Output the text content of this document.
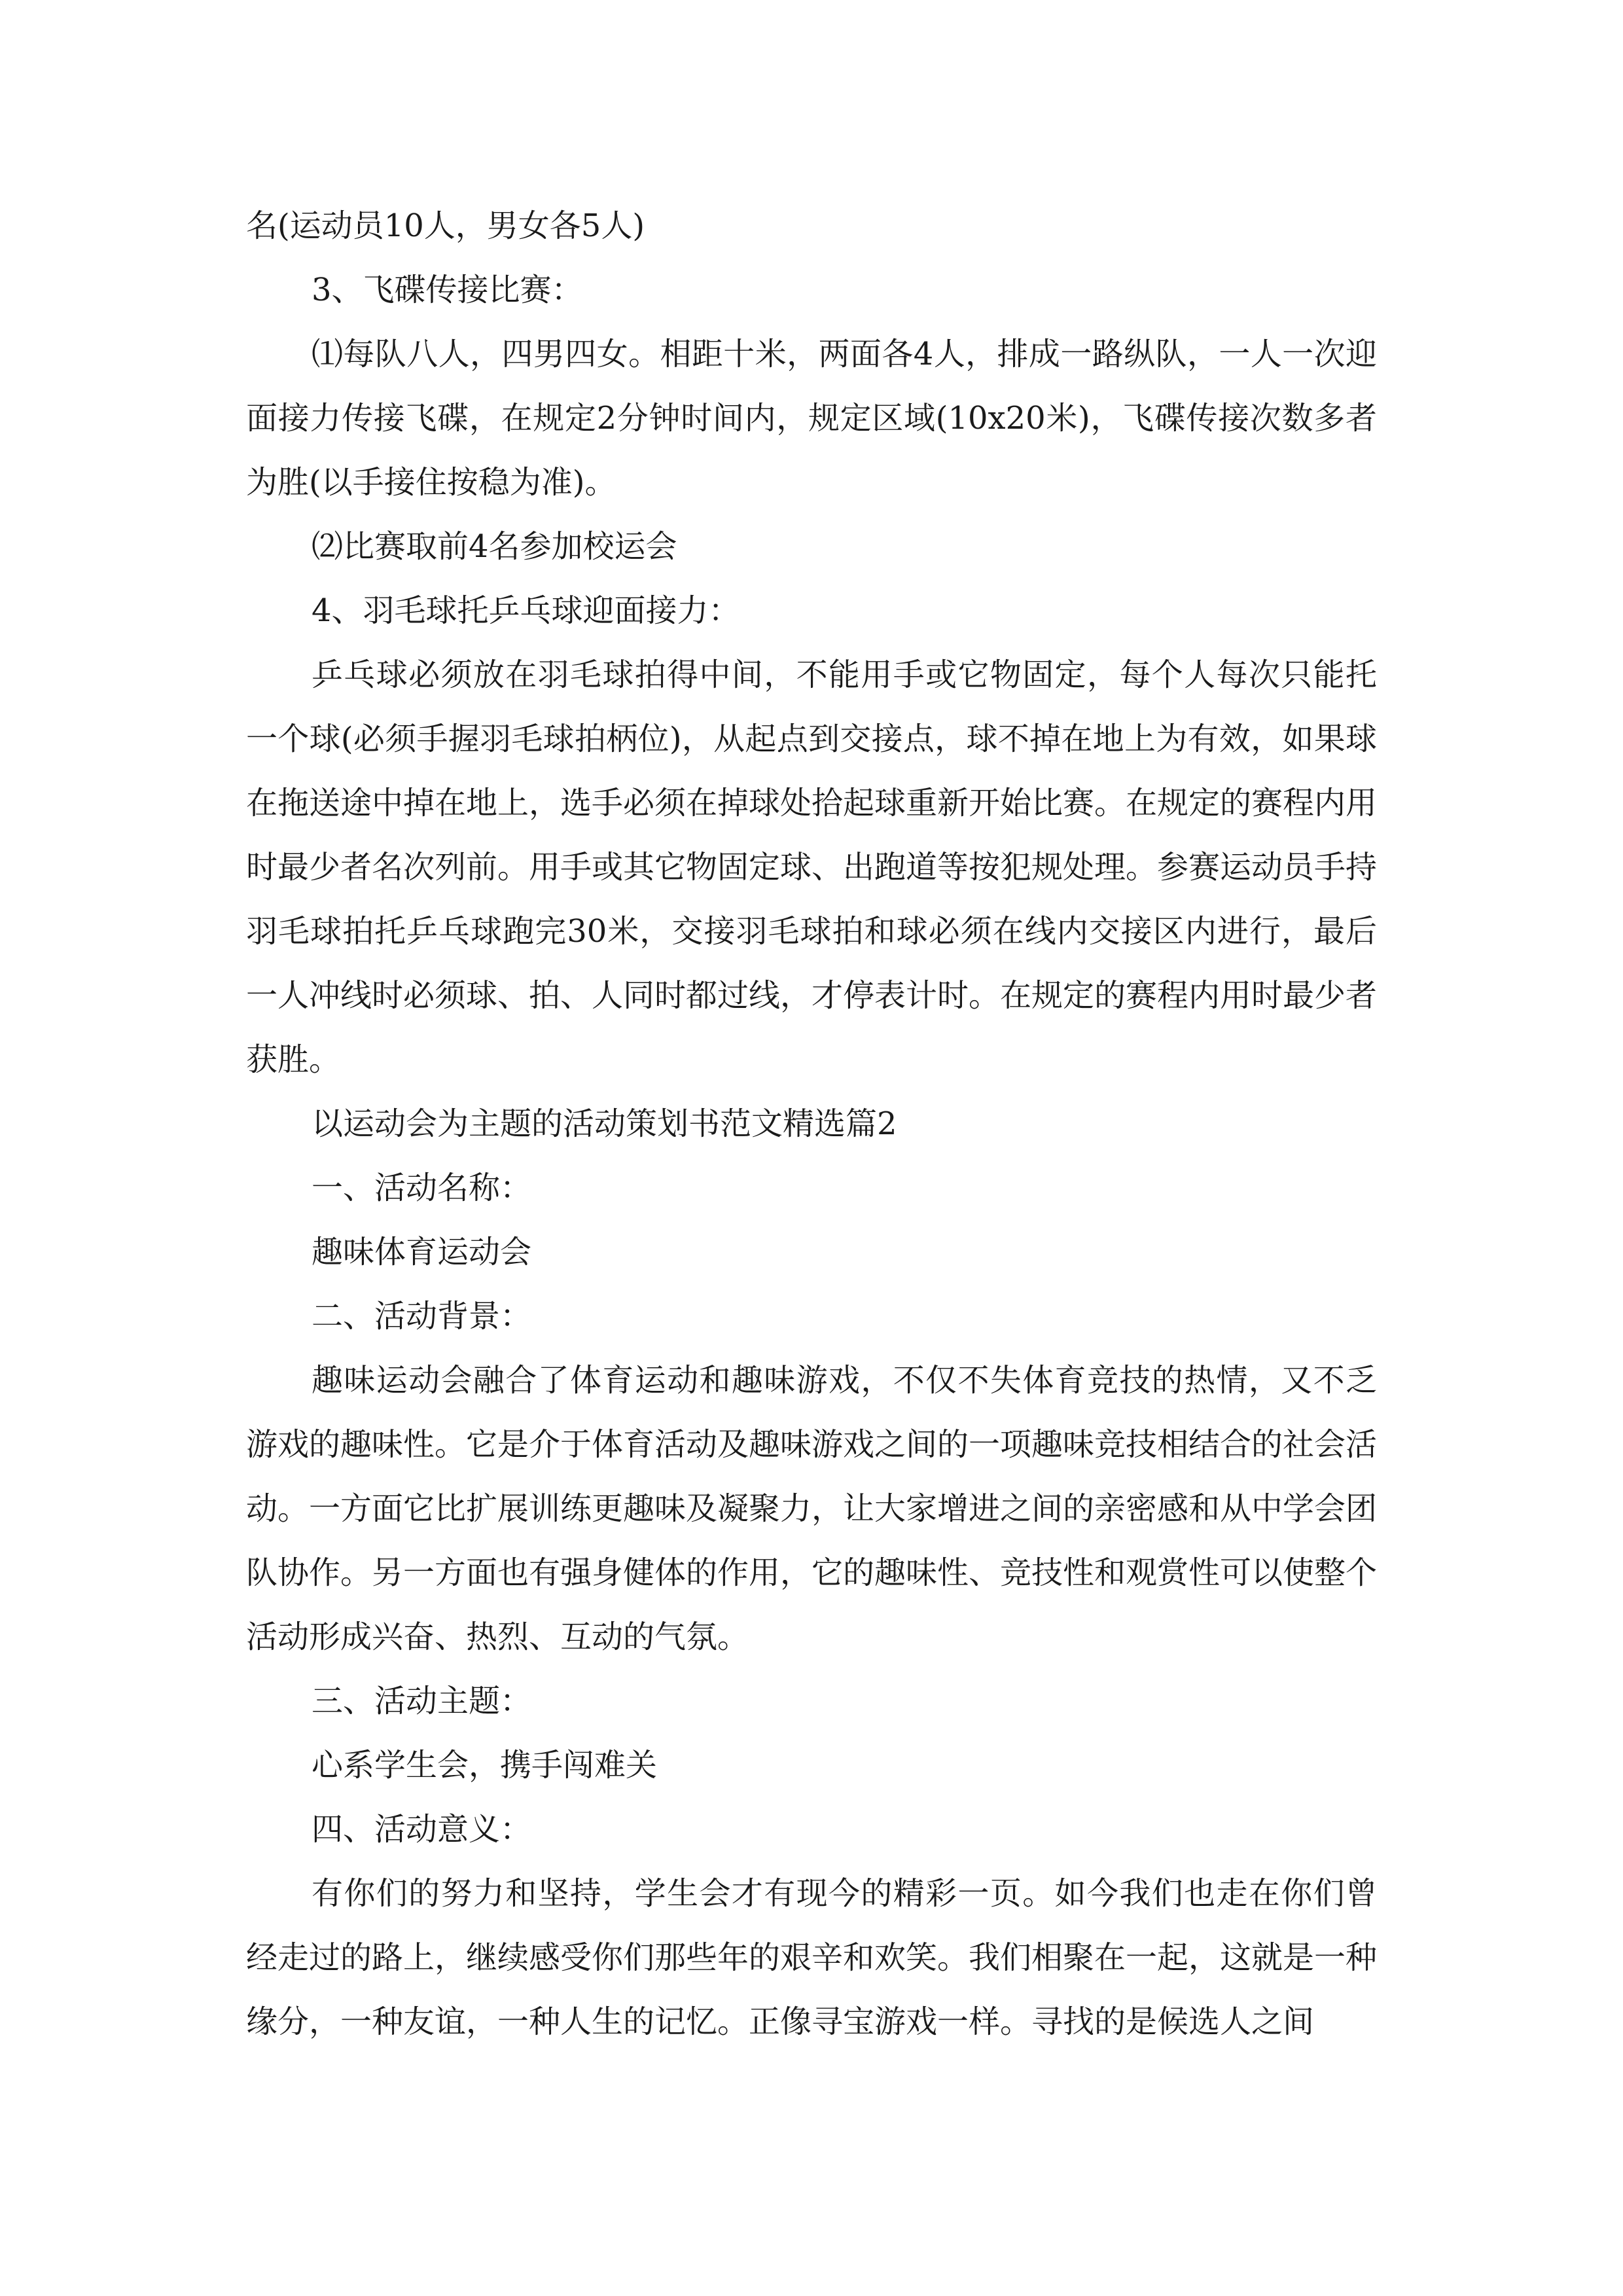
名(运动员10人，男女各5人)

3、飞碟传接比赛：

⑴每队八人，四男四女。相距十米，两面各4人，排成一路纵队，一人一次迎面接力传接飞碟，在规定2分钟时间内，规定区域(10x20米)，飞碟传接次数多者为胜(以手接住按稳为准)。

⑵比赛取前4名参加校运会

4、羽毛球托乒乓球迎面接力：

乒乓球必须放在羽毛球拍得中间，不能用手或它物固定，每个人每次只能托一个球(必须手握羽毛球拍柄位)，从起点到交接点，球不掉在地上为有效，如果球在拖送途中掉在地上，选手必须在掉球处拾起球重新开始比赛。在规定的赛程内用时最少者名次列前。用手或其它物固定球、出跑道等按犯规处理。参赛运动员手持羽毛球拍托乒乓球跑完30米，交接羽毛球拍和球必须在线内交接区内进行，最后一人冲线时必须球、拍、人同时都过线，才停表计时。在规定的赛程内用时最少者获胜。

以运动会为主题的活动策划书范文精选篇2

一、活动名称：

趣味体育运动会

二、活动背景：

趣味运动会融合了体育运动和趣味游戏，不仅不失体育竞技的热情，又不乏游戏的趣味性。它是介于体育活动及趣味游戏之间的一项趣味竞技相结合的社会活动。一方面它比扩展训练更趣味及凝聚力，让大家增进之间的亲密感和从中学会团队协作。另一方面也有强身健体的作用，它的趣味性、竞技性和观赏性可以使整个活动形成兴奋、热烈、互动的气氛。

三、活动主题：

心系学生会，携手闯难关

四、活动意义：

有你们的努力和坚持，学生会才有现今的精彩一页。如今我们也走在你们曾经走过的路上，继续感受你们那些年的艰辛和欢笑。我们相聚在一起，这就是一种缘分，一种友谊，一种人生的记忆。正像寻宝游戏一样。寻找的是候选人之间
